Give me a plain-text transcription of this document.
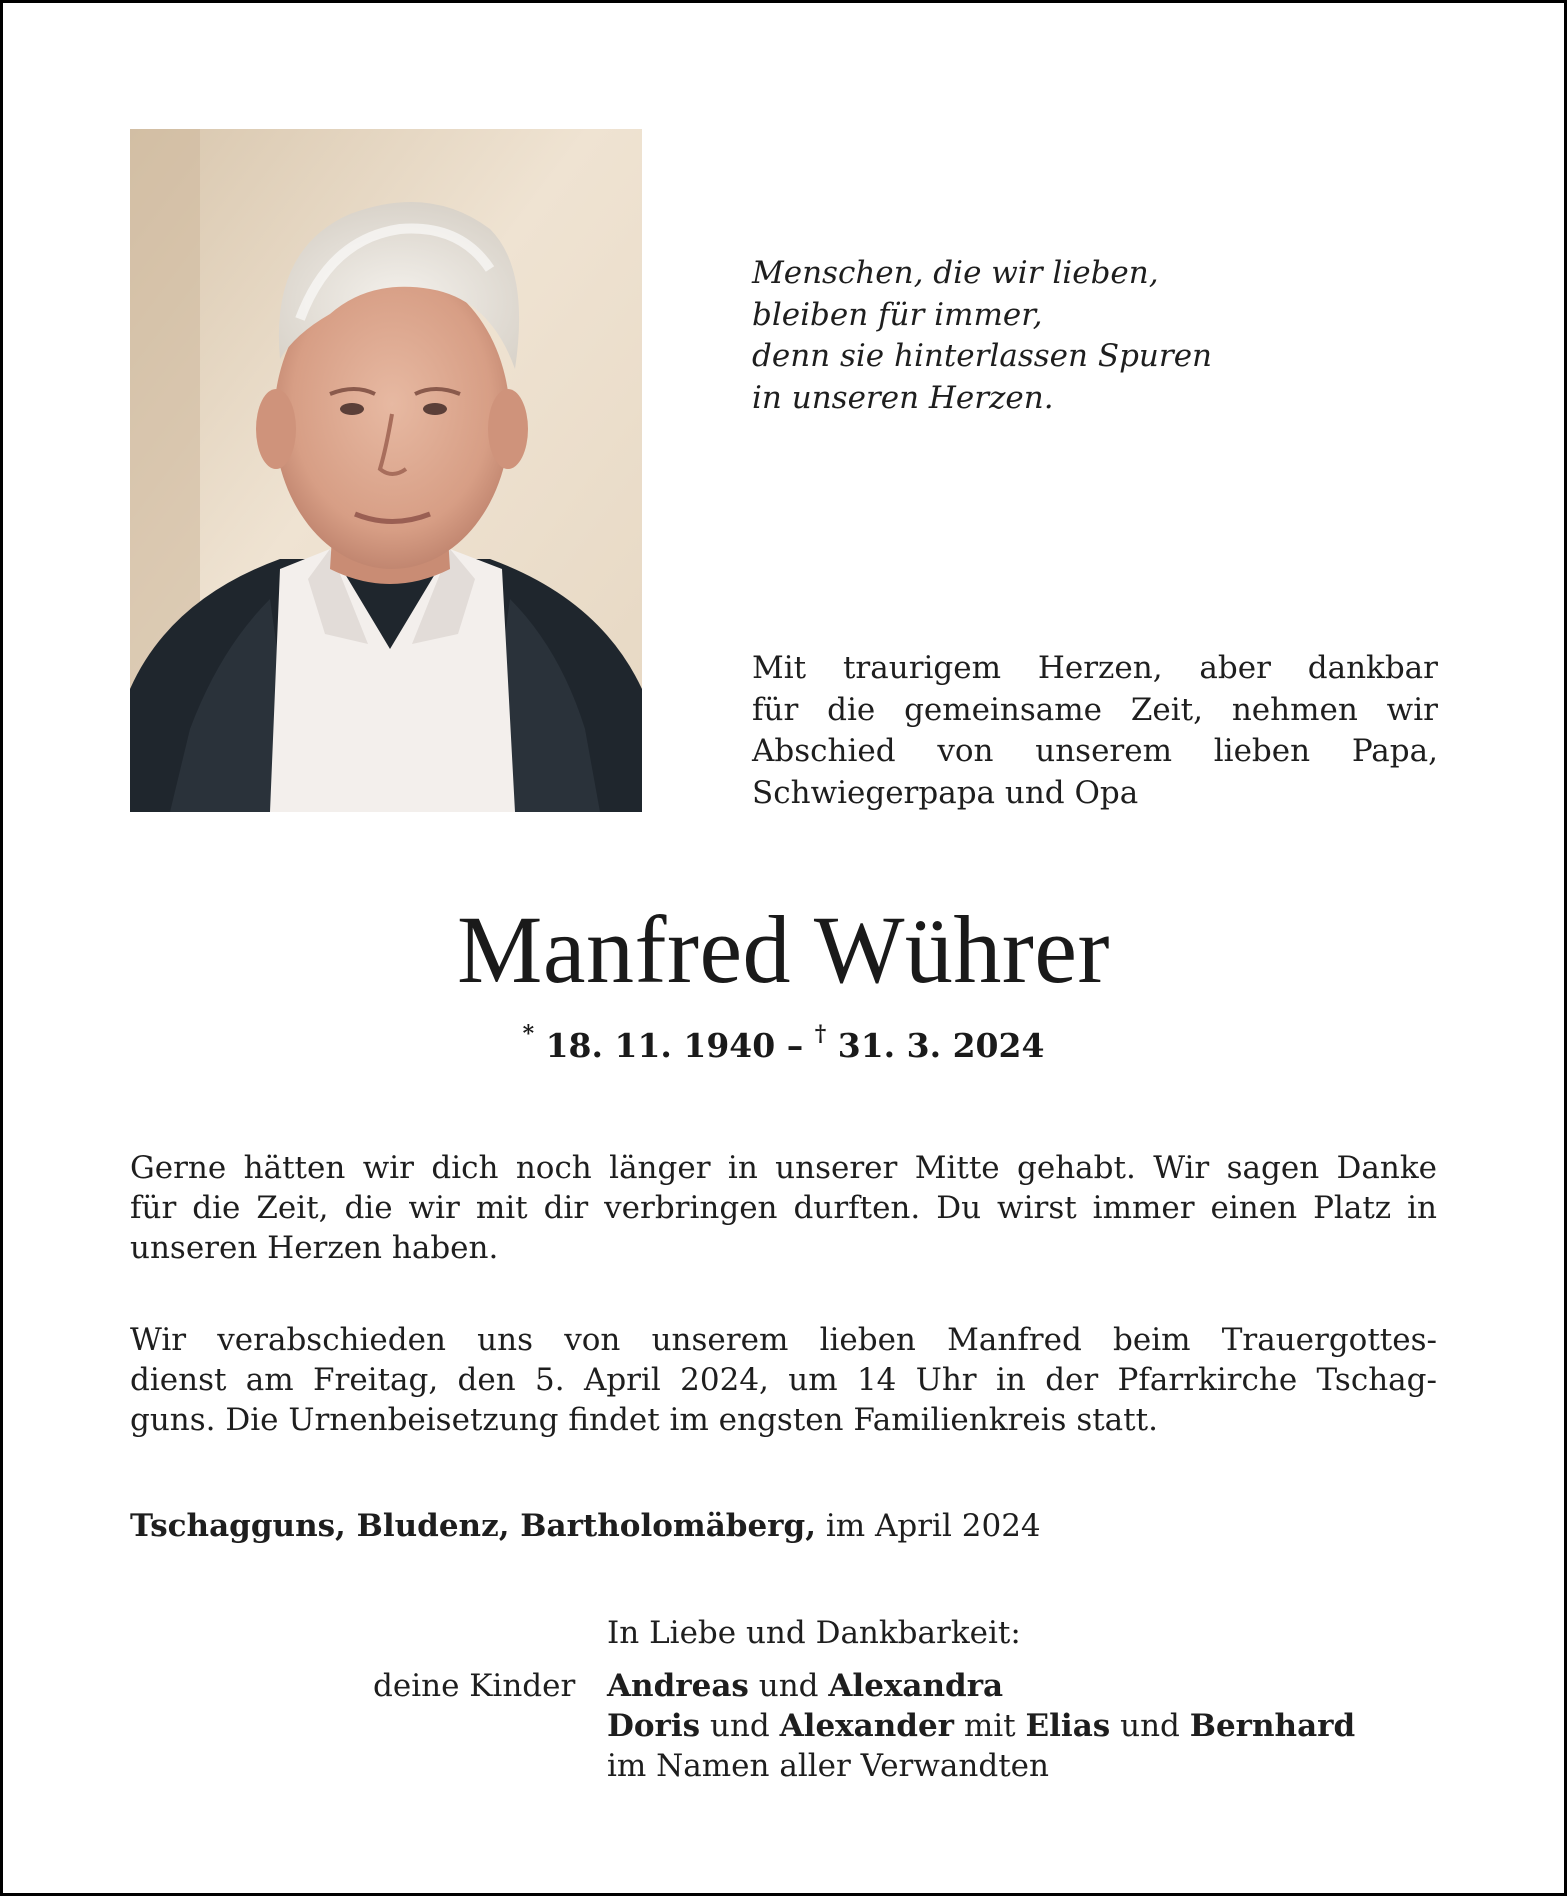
Menschen, die wir lieben,
bleiben für immer,
denn sie hinterlassen Spuren
in unseren Herzen.
Mit traurigem Herzen, aber dankbar
für die gemeinsame Zeit, nehmen wir
Abschied von unserem lieben Papa,
Schwiegerpapa und Opa
Manfred Wührer
* 18. 11. 1940 – † 31. 3. 2024
Gerne hätten wir dich noch länger in unserer Mitte gehabt. Wir sagen Danke
für die Zeit, die wir mit dir verbringen durften. Du wirst immer einen Platz in
unseren Herzen haben.
Wir verabschieden uns von unserem lieben Manfred beim Trauergottes-
dienst am Freitag, den 5. April 2024, um 14 Uhr in der Pfarrkirche Tschag-
guns. Die Urnenbeisetzung findet im engsten Familienkreis statt.
Tschagguns, Bludenz, Bartholomäberg, im April 2024
In Liebe und Dankbarkeit:
deine Kinder Andreas und Alexandra
Doris und Alexander mit Elias und Bernhard
im Namen aller Verwandten
